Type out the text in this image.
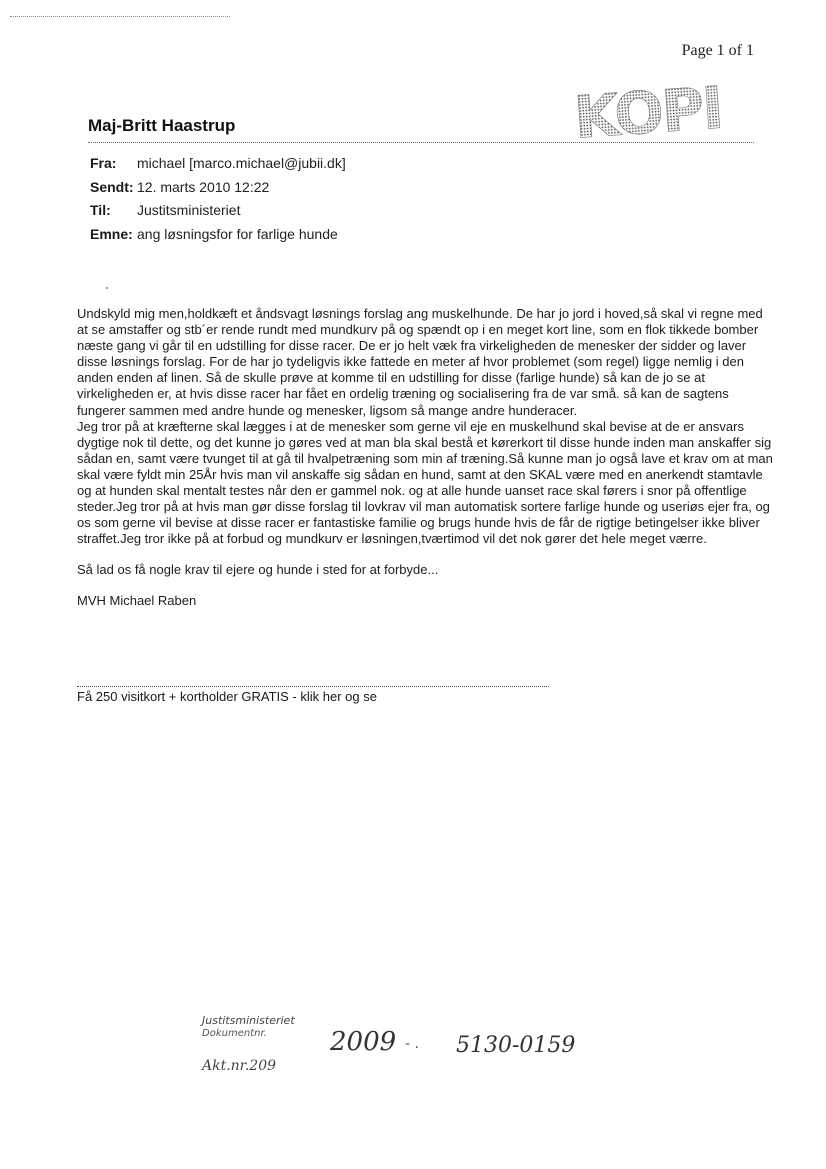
Page 1 of 1
KOPI
Maj-Britt Haastrup
Fra:	michael [marco.michael@jubii.dk]
Sendt: 12. marts 2010 12:22
Til:	Justitsministeriet
Emne: ang løsningsfor for farlige hunde

Undskyld mig men,holdkæft et åndsvagt løsnings forslag ang muskelhunde. De har jo jord i hoved,så skal vi regne med at se amstaffer og stb´er rende rundt med mundkurv på og spændt op i en meget kort line, som en flok tikkede bomber næste gang vi går til en udstilling for disse racer. De er jo helt væk fra virkeligheden de menesker der sidder og laver disse løsnings forslag. For de har jo tydeligvis ikke fattede en meter af hvor problemet (som regel) ligge nemlig i den anden enden af linen. Så de skulle prøve at komme til en udstilling for disse (farlige hunde) så kan de jo se at virkeligheden er, at hvis disse racer har fået en ordelig træning og socialisering fra de var små. så kan de sagtens fungerer sammen med andre hunde og menesker, ligsom så mange andre hunderacer.

Jeg tror på at kræfterne skal lægges i at de menesker som gerne vil eje en muskelhund skal bevise at de er ansvars dygtige nok til dette, og det kunne jo gøres ved at man bla skal bestå et kørerkort til disse hunde inden man anskaffer sig sådan en, samt være tvunget til at gå til hvalpetræning som min af træning.Så kunne man jo også lave et krav om at man skal være fyldt min 25År hvis man vil anskaffe sig sådan en hund, samt at den SKAL være med en anerkendt stamtavle og at hunden skal mentalt testes når den er gammel nok. og at alle hunde uanset race skal førers i snor på offentlige steder.Jeg tror på at hvis man gør disse forslag til lovkrav vil man automatisk sortere farlige hunde og useriøs ejer fra, og os som gerne vil bevise at disse racer er fantastiske familie og brugs hunde hvis de får de rigtige betingelser ikke bliver straffet.Jeg tror ikke på at forbud og mundkurv er løsningen,tværtimod vil det nok gører det hele meget værre.

Så lad os få nogle krav til ejere og hunde i sted for at forbyde...

MVH Michael Raben

Få 250 visitkort + kortholder GRATIS - klik her og se
Justitsministeriet
Dokumentnr. 2009 - . 5130-0159
Akt.nr.209
